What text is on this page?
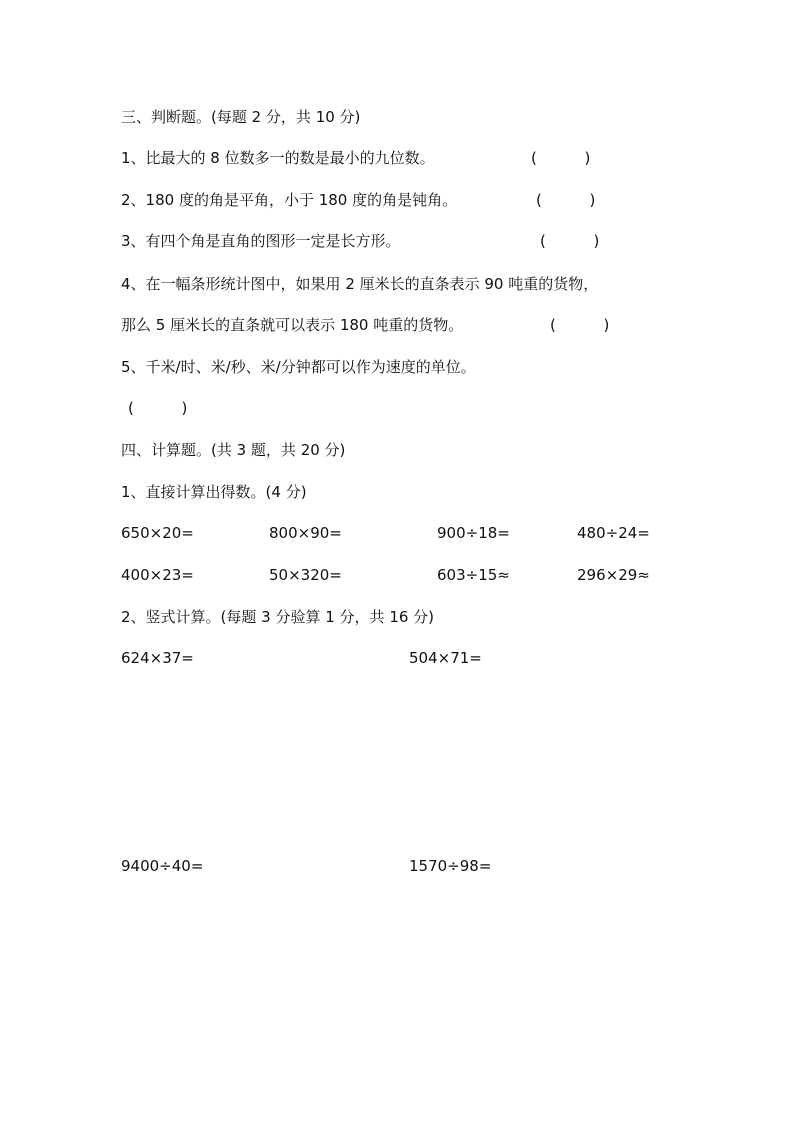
三、判断题。(每题 2 分，共 10 分)
1、比最大的 8 位数多一的数是最小的九位数。	(          )
2、180 度的角是平角，小于 180 度的角是钝角。	(          )
3、有四个角是直角的图形一定是长方形。	(          )
4、在一幅条形统计图中，如果用 2 厘米长的直条表示 90 吨重的货物，
那么 5 厘米长的直条就可以表示 180 吨重的货物。	(          )
5、千米/时、米/秒、米/分钟都可以作为速度的单位。
(          )
四、计算题。(共 3 题，共 20 分)
1、直接计算出得数。(4 分)
650×20=	800×90=	900÷18=	480÷24=
400×23=	50×320=	603÷15≈	296×29≈
2、竖式计算。(每题 3 分验算 1 分，共 16 分)
624×37=	504×71=
9400÷40=	1570÷98=
